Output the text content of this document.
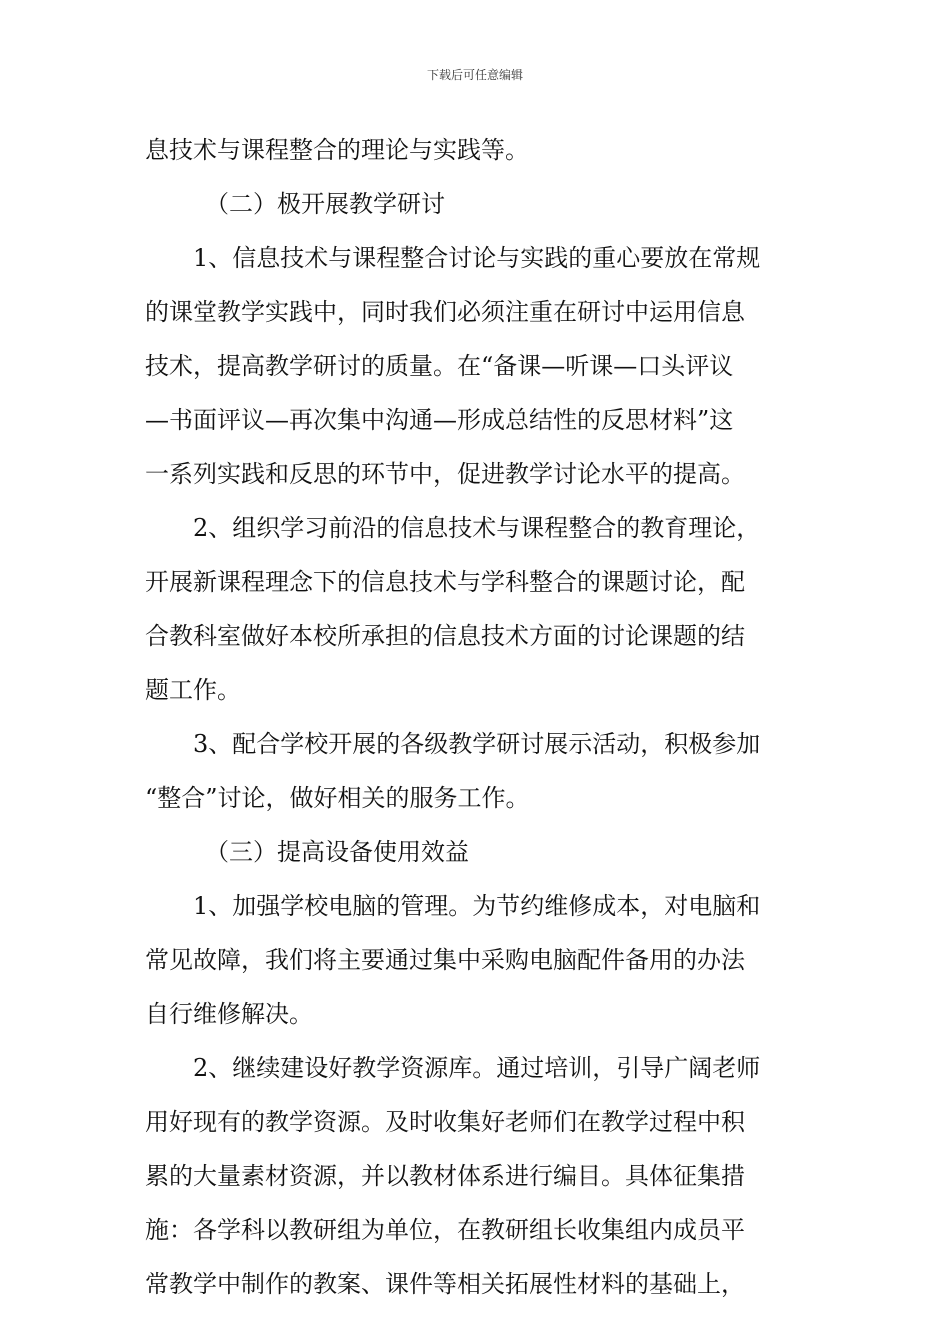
下载后可任意编辑
息技术与课程整合的理论与实践等。
（二）极开展教学研讨
1、信息技术与课程整合讨论与实践的重心要放在常规
的课堂教学实践中，同时我们必须注重在研讨中运用信息
技术，提高教学研讨的质量。在“备课—听课—口头评议
—书面评议—再次集中沟通—形成总结性的反思材料”这
一系列实践和反思的环节中，促进教学讨论水平的提高。
2、组织学习前沿的信息技术与课程整合的教育理论，
开展新课程理念下的信息技术与学科整合的课题讨论，配
合教科室做好本校所承担的信息技术方面的讨论课题的结
题工作。
3、配合学校开展的各级教学研讨展示活动，积极参加
“整合”讨论，做好相关的服务工作。
（三）提高设备使用效益
1、加强学校电脑的管理。为节约维修成本，对电脑和
常见故障，我们将主要通过集中采购电脑配件备用的办法
自行维修解决。
2、继续建设好教学资源库。通过培训，引导广阔老师
用好现有的教学资源。及时收集好老师们在教学过程中积
累的大量素材资源，并以教材体系进行编目。具体征集措
施：各学科以教研组为单位，在教研组长收集组内成员平
常教学中制作的教案、课件等相关拓展性材料的基础上，
